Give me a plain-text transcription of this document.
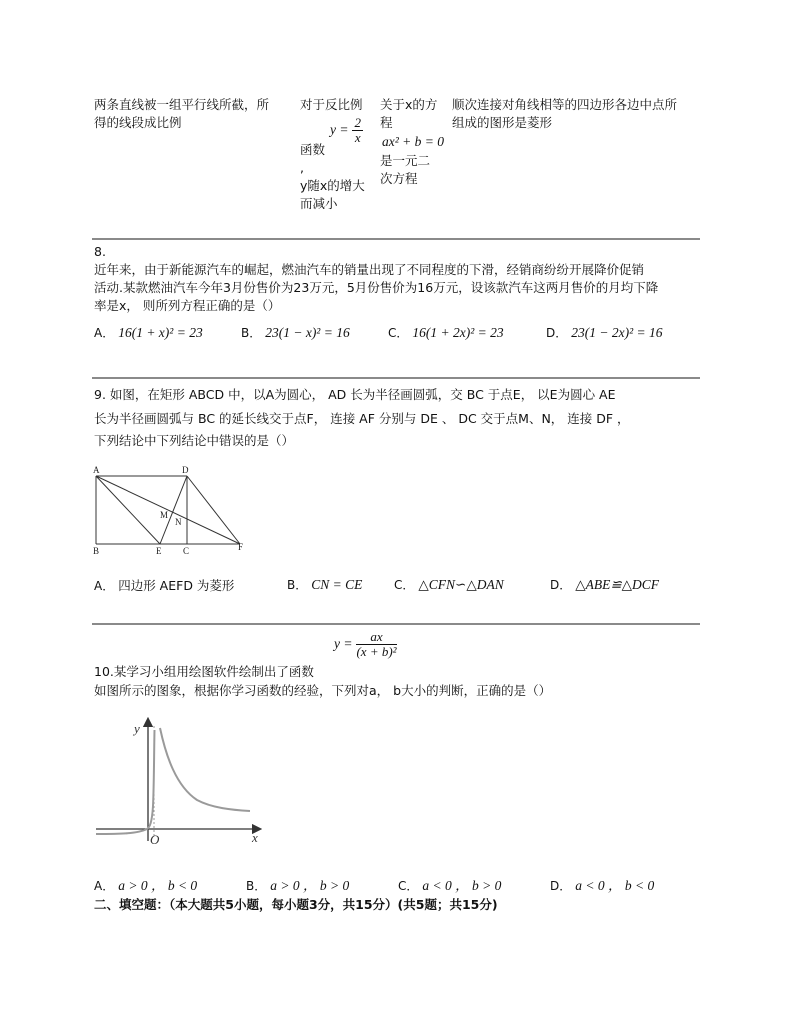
两条直线被一组平行线所截，所
得的线段成比例
对于反比例
$y = \frac{2}{x}$
函数
,
y随x的增大
而减小
关于x的方
程
ax² + b = 0
是一元二
次方程
顺次连接对角线相等的四边形各边中点所
组成的图形是菱形
8.
近年来，由于新能源汽车的崛起，燃油汽车的销量出现了不同程度的下滑，经销商纷纷开展降价促销
活动.某款燃油汽车今年3月份售价为23万元，5月份售价为16万元，设该款汽车这两月售价的月均下降
率是x， 则所列方程正确的是（）
A． 16(1 + x)² = 23	B． 23(1 − x)² = 16	C． 16(1 + 2x)² = 23	D． 23(1 − 2x)² = 16
9. 如图，在矩形 ABCD 中，以A为圆心， AD 长为半径画圆弧，交 BC 于点E， 以E为圆心 AE
长为半径画圆弧与 BC 的延长线交于点F， 连接 AF 分别与 DE 、 DC 交于点M、N， 连接 DF ，
下列结论中下列结论中错误的是（）
A	D
B	E C	F
M
N
A． 四边形 AEFD 为菱形	B． CN = CE	C． △CFN∽△DAN	D． △ABE≌△DCF
$y = \frac{ax}{\text{(x + b)²}}$
10.某学习小组用绘图软件绘制出了函数
如图所示的图象，根据你学习函数的经验，下列对a， b大小的判断，正确的是（）
y
x
O
A． a > 0 ， b < 0	B． a > 0 ， b > 0	C． a < 0 ， b > 0	D． a < 0 ， b < 0
二、填空题：（本大题共5小题，每小题3分，共15分）(共5题；共15分)
